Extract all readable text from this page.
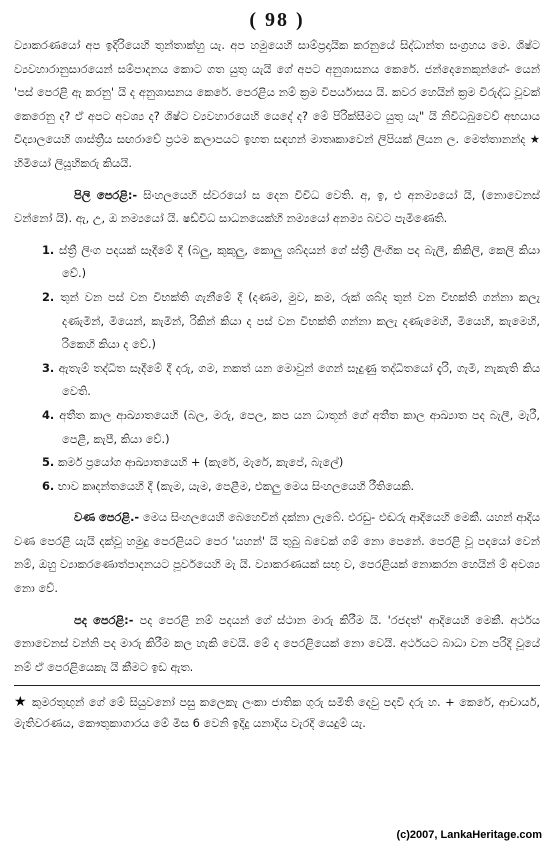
( 98 )

ව්‍යාකරණයෝ අප ඉදිරියෙහි තුන්තාක්හු යැ. අප හමුයෙහි සාම්ප්‍රදායික කරනුයේ සිද්ධාන්ත සංග්‍රහය මෙ. ශිෂ්ට ව්‍යවහාරානුසාරයෙන් සම්පාදනය කොට ගත යුතු යැයි ගේ අපට අනුශාසනය කෙරේ. ජන්දෙනෙකුන්ගේ- යෙන් 'පස් පෙරළි ඇ කරනු' යි ද අනුශාසනය කෙරේ. පෙරළිය නම් ක්‍රම විපර්යාසය යි. කවර හෙයින් ක්‍රම විරුද්ධ වූවක් කෙරෙනු ද? ඒ අපට අවශ්‍ය ද? ශිෂ්ට ව්‍යවහාරයෙහි යෙදේ ද? මේ පිරික්සීමට යුතු යැ" යි නිවිධබුවෙව් අභයාය විද්‍යාලයෙහි ශාස්ත්‍රීය සඟරාවේ ප්‍රථම කලාපයට ඉහත සඳහන් මාතෘකාවෙන් ලිපියක් ලියන ල. මෙත්තානන්ද ★ හිමියෝ ලියූහිකරු කියයි.

පිලි පෙරළි:- සිංහලයෙහි ස්වරයෝ ස දෙන විවිධ වෙති. අ, ඉ, එ අනම්‍යයෝ යි, (නොවෙනස් වන්නෝ යි). ඇ, උ, ඔ නම්‍යයෝ යි. ෂඩ්විධ සාධනයෙක්හි නම්‍යයෝ අනම්‍ය බවට පැමිණෙති.

1. ස්ත්‍රී ලිංග පදයක් සෑදීමේ දී (බලු, කුකුලු, කොලු ශබ්දයන් ගේ ස්ත්‍රී ලිංගික පද බැලී, කිකිලි, කෙලි කියා වේ.)

2. තුන් වන පස් වන විභක්ති ගැනීමේ දී (දණම, මුව, කම, රුක් ශබ්ද තුන් වන විභක්ති ගන්නා කලැ දණැමින්, මියෙන්, කැමින්, රිකින් කියා ද පස් වන විභක්ති ගන්නා කලැ දණැමෙහි, මියෙහි, කැමෙහි, රිකෙහි කියා ද වේ.)

3. ඇතැම් තද්ධිත සෑදීමේ දී දරු, ගම, නකත් යන මොවුන් ගෙන් සෑදුණු තද්ධිතයෝ දැරි, ගැමි, නැකැති කිය වෙති.

4. අතීත කාල ආඛ්‍යාතයෙහි (බල, මරු, පෙල, කප යන ධාතූන් ගේ අතීත කාල ආඛ්‍යාත පද බැලී, මැරී, පෙළී, කැපී, කියා වේ.)

5. කර්ම ප්‍රයෝග ආඛ්‍යාතයෙහි + (කැරේ, මැරේ, කැපේ, බැලේ)

6. භාව කෘදන්තයෙහි දී (කැම, යැම, පෙළීම, එකලු මෙය සිංහලයෙහි රීතියෙකි.

වණ පෙරළි.- මෙය සිංහලයෙහි බෙහෙවින් දක්නා ලැබේ. එරඩු- එඬරු ආදියෙහි මෙකී. යහන් ආදිය වණ පෙරළි යැයි දක්වූ හමුදු පෙරළියට පෙර 'යහන්' යි තුබු බවෙක් ගම් නො පෙනේ. පෙරළි වූ පදයෝ වෙන් නම්, ඔහු ව්‍යාකරණොත්පාදනයට පූර්වයෙහි මැ යි. ව්‍යාකරණයක් සභු ව, පෙරළියක් නොකරන හෙයින් ම් අවශ්‍ය නො වේ.

පද පෙරළි:- පද පෙරළි නම් පදයන් ගේ ස්ථාන මාරු කිරීම යි. 'රජදත්' ආදියෙහි මෙකී. අර්ථය නොවෙනස් වන්නි පද මාරු කිරීම කල හැකි වෙයි. මේ ද පෙරළියෙක් නො වෙයි. අර්ථයට බාධා වන පරිදි වූයේ නම් ඒ පෙරළියෙකැ යි කීමට ඉඩ ඇත.

★ කුමරතුඟුන් ගේ මේ සියුවනෝ පසු කලෙකැ ලංකා ජාතික ගුරු සමිති දෙවු පදවි දරු හ. + කෙරේ, ආචාර්ය, මැතිවරණය, කෞතුකාගාරය මේ මිස 6 වෙනි ඉදිදු යනාදිය වැරදි යෙදුම් යැ.

(c)2007, LankaHeritage.com
